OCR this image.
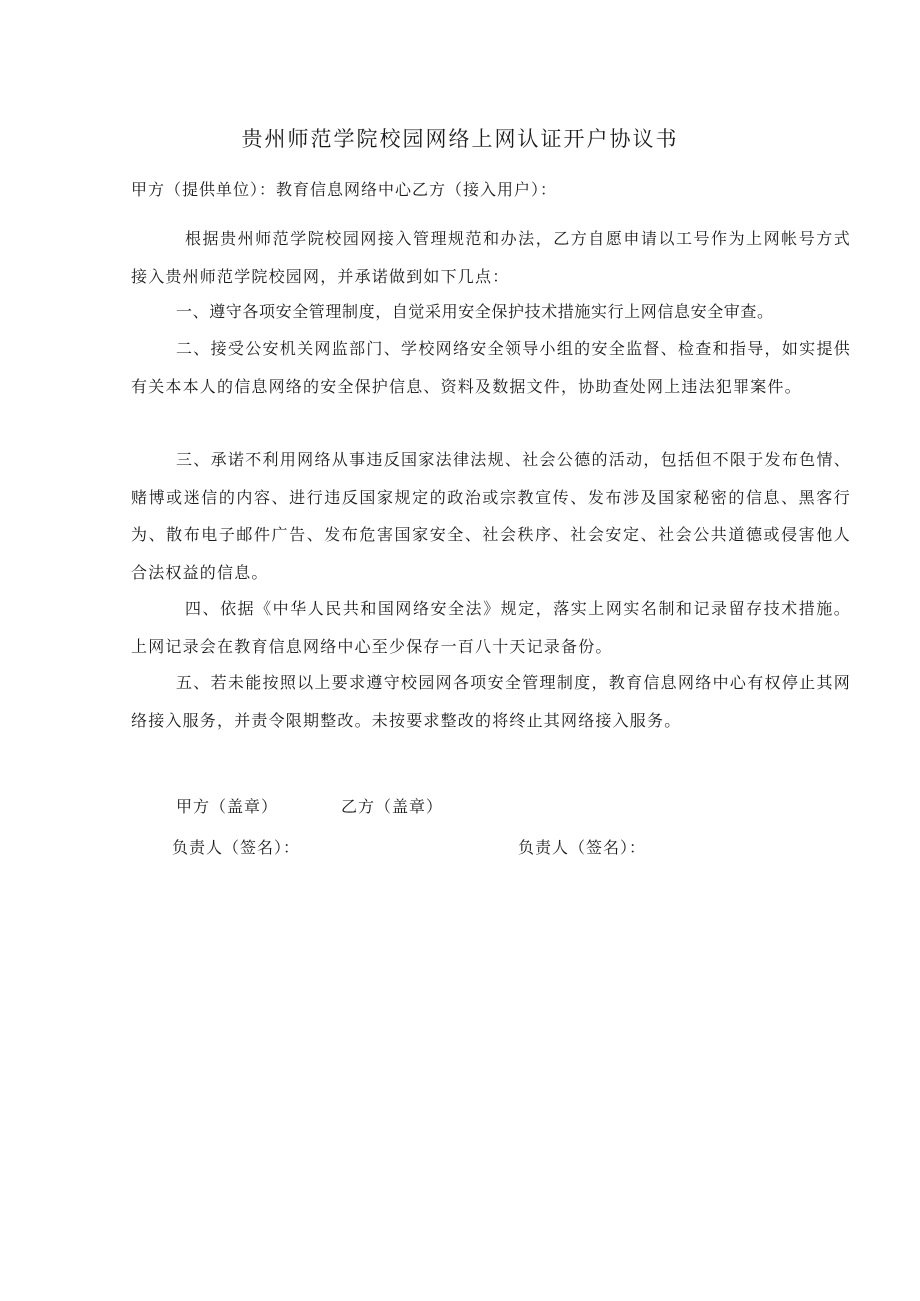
贵州师范学院校园网络上网认证开户协议书
甲方（提供单位）：教育信息网络中心乙方（接入用户）：

根据贵州师范学院校园网接入管理规范和办法，乙方自愿申请以工号作为上网帐号方式接入贵州师范学院校园网，并承诺做到如下几点：

一、遵守各项安全管理制度，自觉采用安全保护技术措施实行上网信息安全审查。

二、接受公安机关网监部门、学校网络安全领导小组的安全监督、检查和指导，如实提供有关本本人的信息网络的安全保护信息、资料及数据文件，协助查处网上违法犯罪案件。

三、承诺不利用网络从事违反国家法律法规、社会公德的活动，包括但不限于发布色情、赌博或迷信的内容、进行违反国家规定的政治或宗教宣传、发布涉及国家秘密的信息、黑客行为、散布电子邮件广告、发布危害国家安全、社会秩序、社会安定、社会公共道德或侵害他人合法权益的信息。

四、依据《中华人民共和国网络安全法》规定，落实上网实名制和记录留存技术措施。上网记录会在教育信息网络中心至少保存一百八十天记录备份。

五、若未能按照以上要求遵守校园网各项安全管理制度，教育信息网络中心有权停止其网络接入服务，并责令限期整改。未按要求整改的将终止其网络接入服务。

甲方（盖章）	乙方（盖章）
负责人（签名）：	负责人（签名）：
